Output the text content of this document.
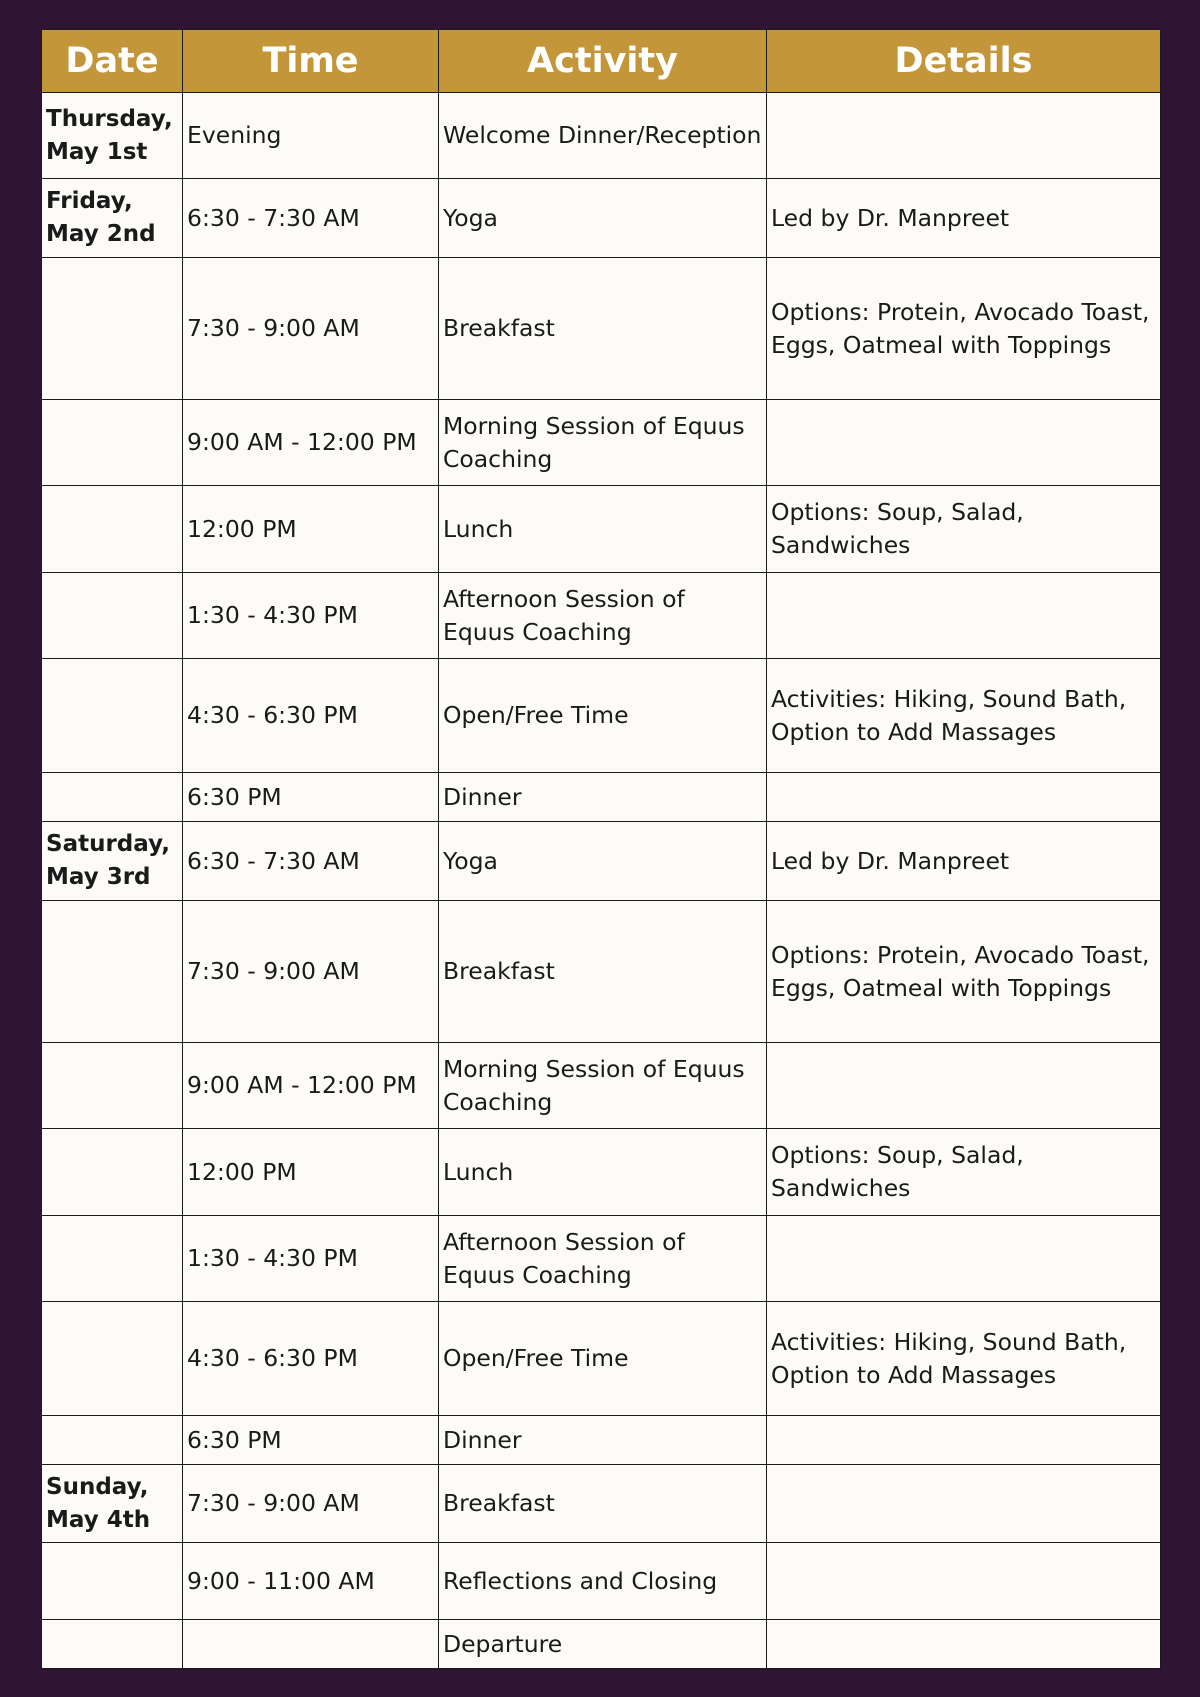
Date	Time	Activity	Details
Thursday, May 1st	Evening	Welcome Dinner/Reception	
Friday, May 2nd	6:30 - 7:30 AM	Yoga	Led by Dr. Manpreet
	7:30 - 9:00 AM	Breakfast	Options: Protein, Avocado Toast, Eggs, Oatmeal with Toppings
	9:00 AM - 12:00 PM	Morning Session of Equus Coaching	
	12:00 PM	Lunch	Options: Soup, Salad, Sandwiches
	1:30 - 4:30 PM	Afternoon Session of Equus Coaching	
	4:30 - 6:30 PM	Open/Free Time	Activities: Hiking, Sound Bath, Option to Add Massages
	6:30 PM	Dinner	
Saturday, May 3rd	6:30 - 7:30 AM	Yoga	Led by Dr. Manpreet
	7:30 - 9:00 AM	Breakfast	Options: Protein, Avocado Toast, Eggs, Oatmeal with Toppings
	9:00 AM - 12:00 PM	Morning Session of Equus Coaching	
	12:00 PM	Lunch	Options: Soup, Salad, Sandwiches
	1:30 - 4:30 PM	Afternoon Session of Equus Coaching	
	4:30 - 6:30 PM	Open/Free Time	Activities: Hiking, Sound Bath, Option to Add Massages
	6:30 PM	Dinner	
Sunday, May 4th	7:30 - 9:00 AM	Breakfast	
	9:00 - 11:00 AM	Reflections and Closing	
		Departure	
